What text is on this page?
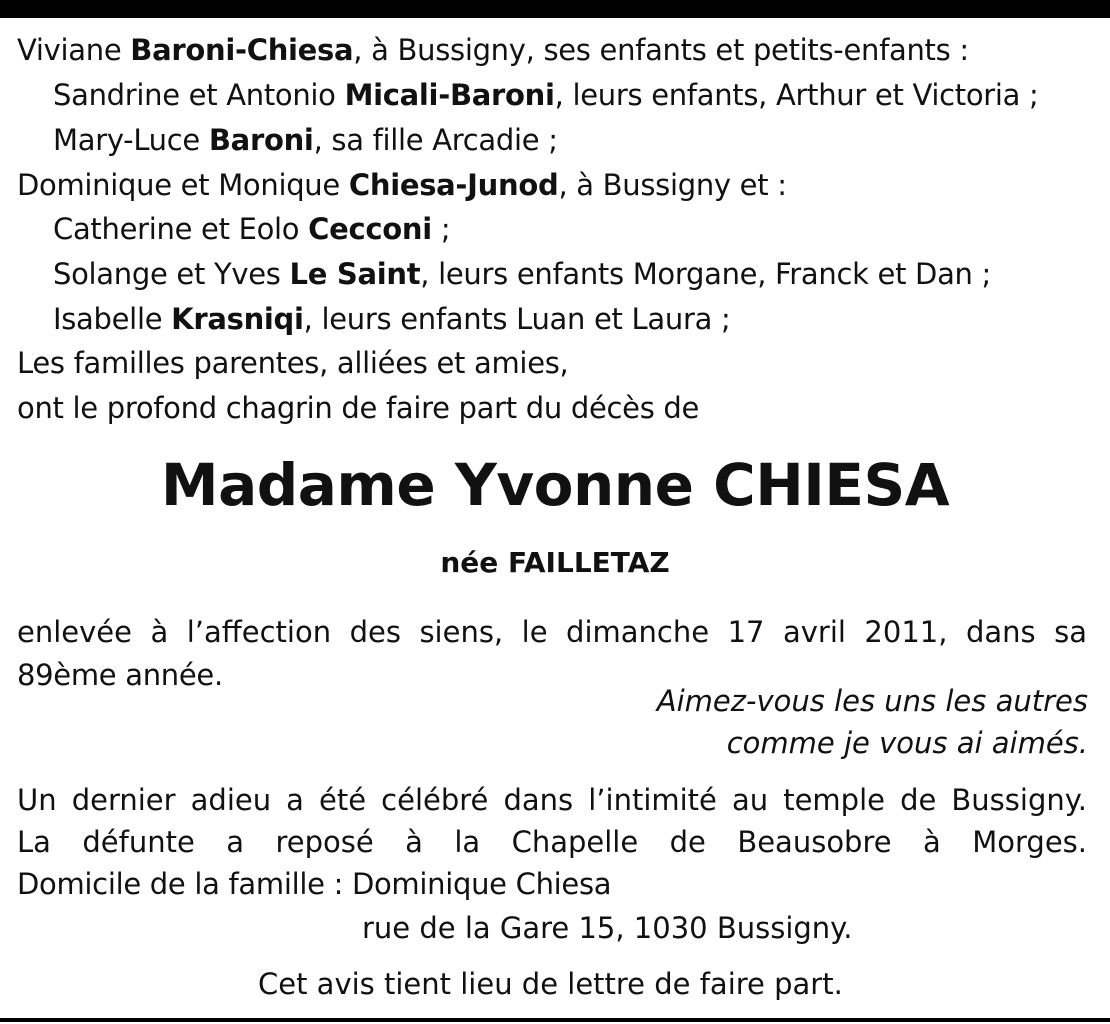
Viviane Baroni-Chiesa, à Bussigny, ses enfants et petits-enfants :
Sandrine et Antonio Micali-Baroni, leurs enfants, Arthur et Victoria ;
Mary-Luce Baroni, sa fille Arcadie ;
Dominique et Monique Chiesa-Junod, à Bussigny et :
Catherine et Eolo Cecconi ;
Solange et Yves Le Saint, leurs enfants Morgane, Franck et Dan ;
Isabelle Krasniqi, leurs enfants Luan et Laura ;
Les familles parentes, alliées et amies,
ont le profond chagrin de faire part du décès de
Madame Yvonne CHIESA
née FAILLETAZ
enlevée à l’affection des siens, le dimanche 17 avril 2011, dans sa
89ème année.
Aimez-vous les uns les autres
comme je vous ai aimés.
Un dernier adieu a été célébré dans l’intimité au temple de Bussigny.
La défunte a reposé à la Chapelle de Beausobre à Morges.
Domicile de la famille : Dominique Chiesa
rue de la Gare 15, 1030 Bussigny.
Cet avis tient lieu de lettre de faire part.
